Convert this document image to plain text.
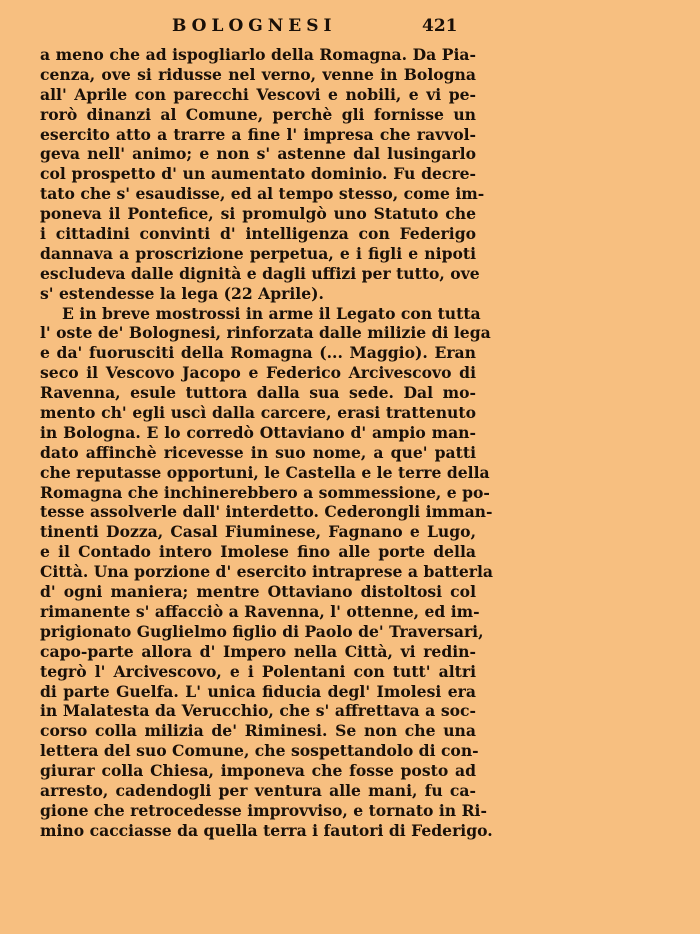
BOLOGNESI	421
a meno che ad ispogliarlo della Romagna. Da Pia-
cenza, ove si ridusse nel verno, venne in Bologna
all' Aprile con parecchi Vescovi e nobili, e vi pe-
rorò dinanzi al Comune, perchè gli fornisse un
esercito atto a trarre a fine l' impresa che ravvol-
geva nell' animo; e non s' astenne dal lusingarlo
col prospetto d' un aumentato dominio. Fu decre-
tato che s' esaudisse, ed al tempo stesso, come im-
poneva il Pontefice, si promulgò uno Statuto che
i cittadini convinti d' intelligenza con Federigo
dannava a proscrizione perpetua, e i figli e nipoti
escludeva dalle dignità e dagli uffizi per tutto, ove
s' estendesse la lega (22 Aprile).
E in breve mostrossi in arme il Legato con tutta
l' oste de' Bolognesi, rinforzata dalle milizie di lega
e da' fuorusciti della Romagna (... Maggio). Eran
seco il Vescovo Jacopo e Federico Arcivescovo di
Ravenna, esule tuttora dalla sua sede. Dal mo-
mento ch' egli uscì dalla carcere, erasi trattenuto
in Bologna. E lo corredò Ottaviano d' ampio man-
dato affinchè ricevesse in suo nome, a que' patti
che reputasse opportuni, le Castella e le terre della
Romagna che inchinerebbero a sommessione, e po-
tesse assolverle dall' interdetto. Cederongli imman-
tinenti Dozza, Casal Fiuminese, Fagnano e Lugo,
e il Contado intero Imolese fino alle porte della
Città. Una porzione d' esercito intraprese a batterla
d' ogni maniera; mentre Ottaviano distoltosi col
rimanente s' affacciò a Ravenna, l' ottenne, ed im-
prigionato Guglielmo figlio di Paolo de' Traversari,
capo-parte allora d' Impero nella Città, vi redin-
tegrò l' Arcivescovo, e i Polentani con tutt' altri
di parte Guelfa. L' unica fiducia degl' Imolesi era
in Malatesta da Verucchio, che s' affrettava a soc-
corso colla milizia de' Riminesi. Se non che una
lettera del suo Comune, che sospettandolo di con-
giurar colla Chiesa, imponeva che fosse posto ad
arresto, cadendogli per ventura alle mani, fu ca-
gione che retrocedesse improvviso, e tornato in Ri-
mino cacciasse da quella terra i fautori di Federigo.
